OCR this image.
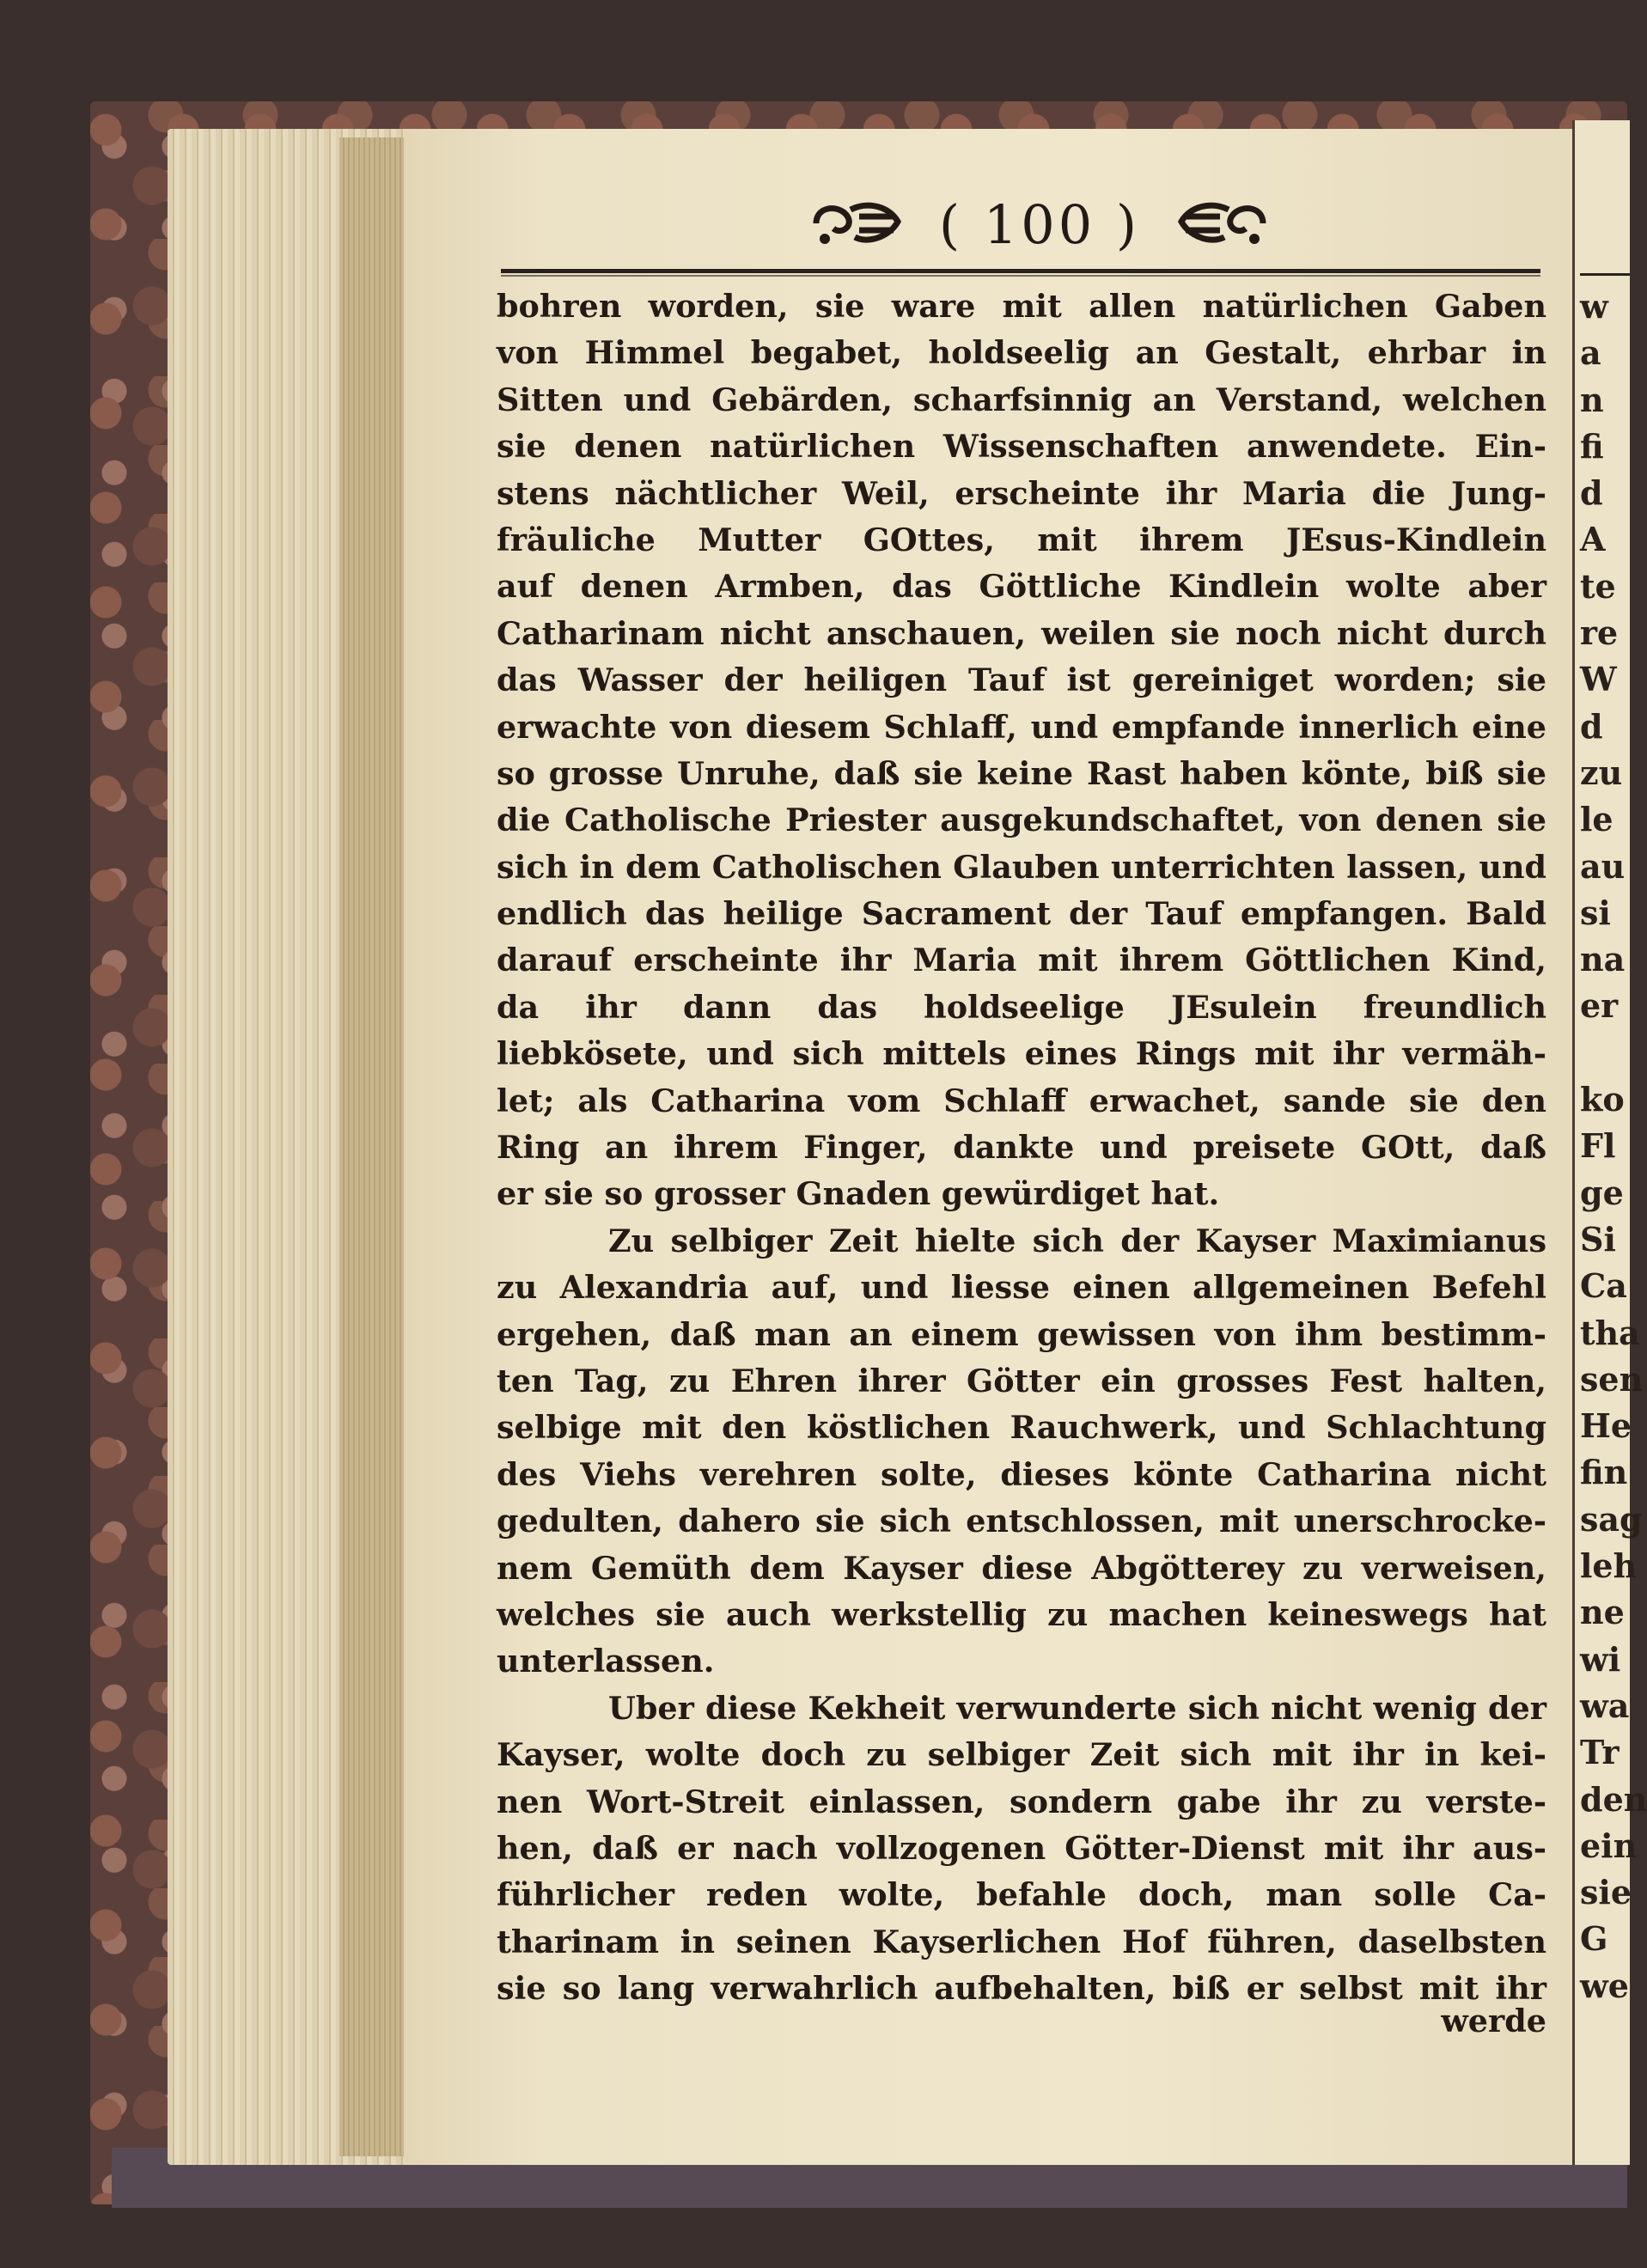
( 100 )
bohren worden, sie ware mit allen natürlichen Gaben
von Himmel begabet, holdseelig an Gestalt, ehrbar in
Sitten und Gebärden, scharfsinnig an Verstand, welchen
sie denen natürlichen Wissenschaften anwendete. Ein-
stens nächtlicher Weil, erscheinte ihr Maria die Jung-
fräuliche Mutter GOttes, mit ihrem JEsus-Kindlein
auf denen Armben, das Göttliche Kindlein wolte aber
Catharinam nicht anschauen, weilen sie noch nicht durch
das Wasser der heiligen Tauf ist gereiniget worden; sie
erwachte von diesem Schlaff, und empfande innerlich eine
so grosse Unruhe, daß sie keine Rast haben könte, biß sie
die Catholische Priester ausgekundschaftet, von denen sie
sich in dem Catholischen Glauben unterrichten lassen, und
endlich das heilige Sacrament der Tauf empfangen. Bald
darauf erscheinte ihr Maria mit ihrem Göttlichen Kind,
da ihr dann das holdseelige JEsulein freundlich
liebkösete, und sich mittels eines Rings mit ihr vermäh-
let; als Catharina vom Schlaff erwachet, sande sie den
Ring an ihrem Finger, dankte und preisete GOtt, daß
er sie so grosser Gnaden gewürdiget hat.
Zu selbiger Zeit hielte sich der Kayser Maximianus
zu Alexandria auf, und liesse einen allgemeinen Befehl
ergehen, daß man an einem gewissen von ihm bestimm-
ten Tag, zu Ehren ihrer Götter ein grosses Fest halten,
selbige mit den köstlichen Rauchwerk, und Schlachtung
des Viehs verehren solte, dieses könte Catharina nicht
gedulten, dahero sie sich entschlossen, mit unerschrocke-
nem Gemüth dem Kayser diese Abgötterey zu verweisen,
welches sie auch werkstellig zu machen keineswegs hat
unterlassen.
Uber diese Kekheit verwunderte sich nicht wenig der
Kayser, wolte doch zu selbiger Zeit sich mit ihr in kei-
nen Wort-Streit einlassen, sondern gabe ihr zu verste-
hen, daß er nach vollzogenen Götter-Dienst mit ihr aus-
führlicher reden wolte, befahle doch, man solle Ca-
tharinam in seinen Kayserlichen Hof führen, daselbsten
sie so lang verwahrlich aufbehalten, biß er selbst mit ihr
werde
w
a
n
fi
d
A
te
re
W
d
zu
le
au
si
na
er
ko
Fl
ge
Si
Ca
tha
sen
He
fin
sag
leh
ne
wi
wa
Tr
den
ein
sie
G
we
